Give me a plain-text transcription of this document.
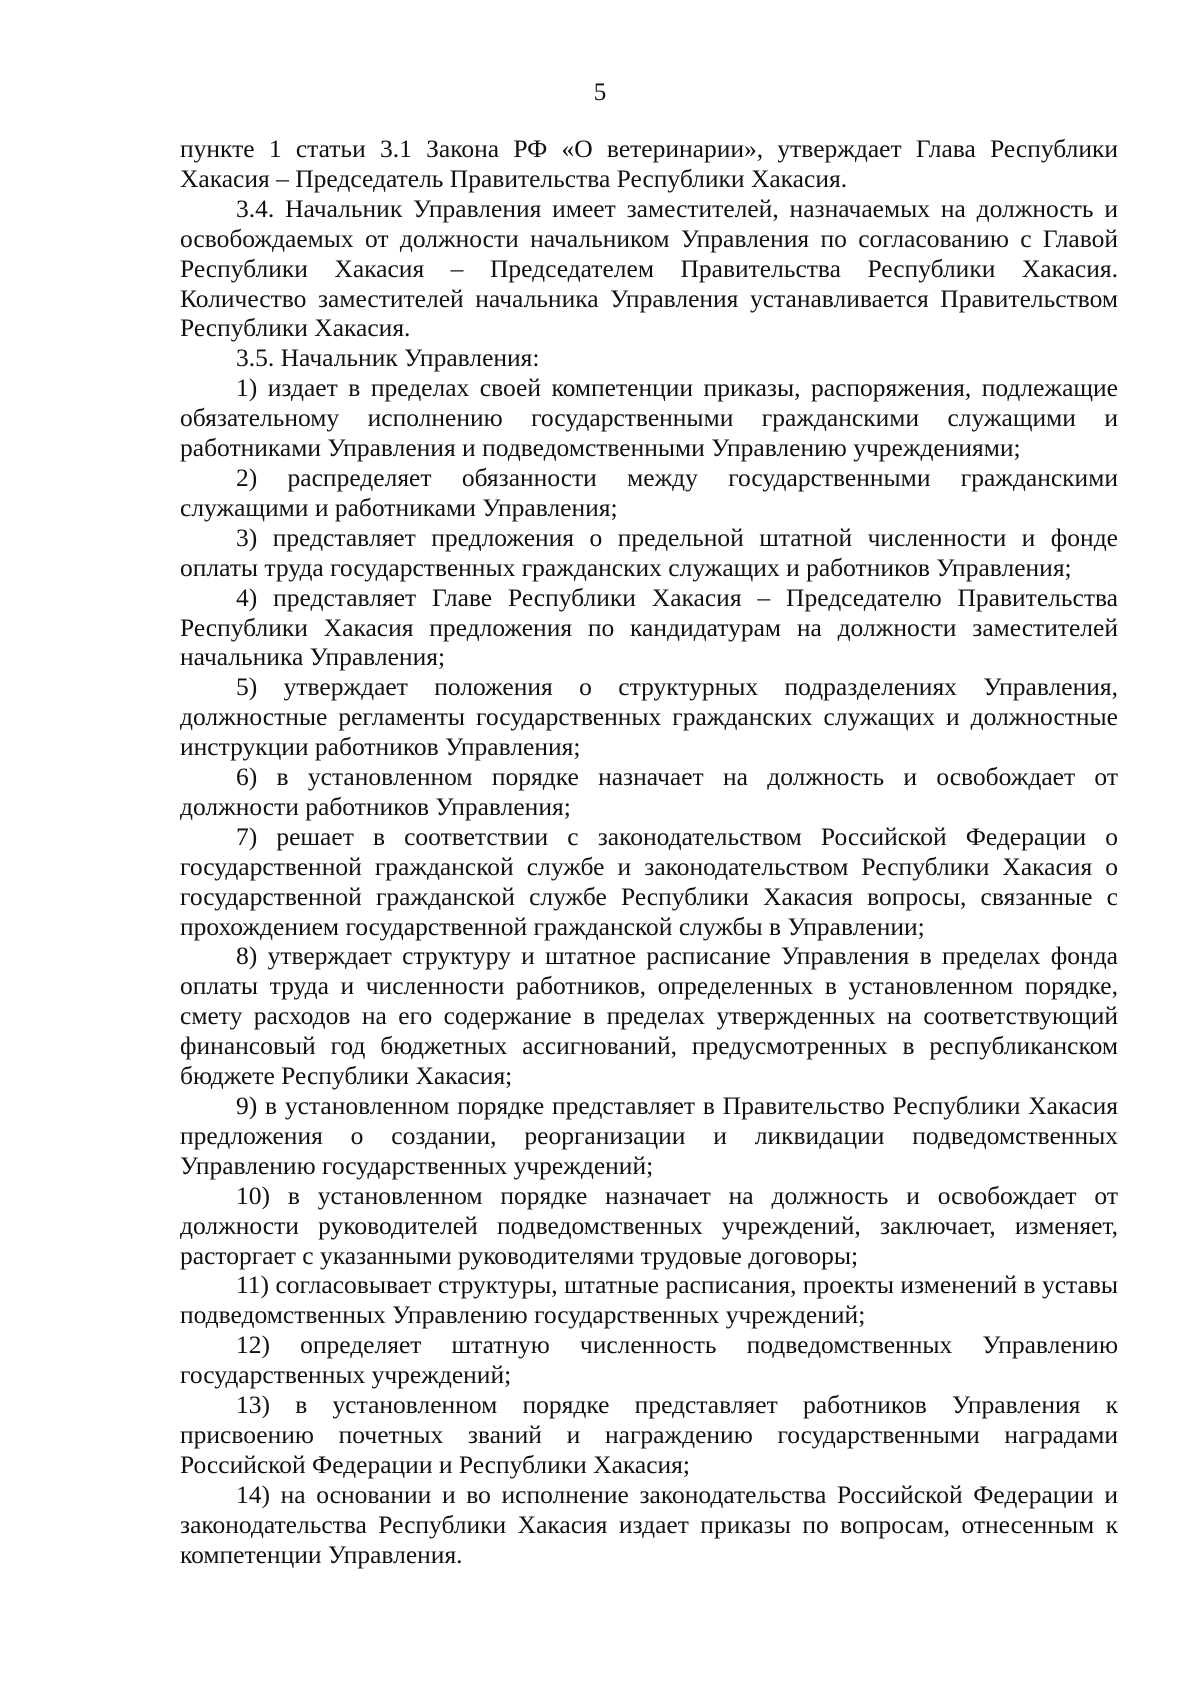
5

пункте 1 статьи 3.1 Закона РФ «О ветеринарии», утверждает Глава Республики Хакасия – Председатель Правительства Республики Хакасия.

3.4. Начальник Управления имеет заместителей, назначаемых на должность и освобождаемых от должности начальником Управления по согласованию с Главой Республики Хакасия – Председателем Правительства Республики Хакасия. Количество заместителей начальника Управления устанавливается Правительством Республики Хакасия.

3.5. Начальник Управления:

1) издает в пределах своей компетенции приказы, распоряжения, подлежащие обязательному исполнению государственными гражданскими служащими и работниками Управления и подведомственными Управлению учреждениями;

2) распределяет обязанности между государственными гражданскими служащими и работниками Управления;

3) представляет предложения о предельной штатной численности и фонде оплаты труда государственных гражданских служащих и работников Управления;

4) представляет Главе Республики Хакасия – Председателю Правительства Республики Хакасия предложения по кандидатурам на должности заместителей начальника Управления;

5) утверждает положения о структурных подразделениях Управления, должностные регламенты государственных гражданских служащих и должностные инструкции работников Управления;

6) в установленном порядке назначает на должность и освобождает от должности работников Управления;

7) решает в соответствии с законодательством Российской Федерации о государственной гражданской службе и законодательством Республики Хакасия о государственной гражданской службе Республики Хакасия вопросы, связанные с прохождением государственной гражданской службы в Управлении;

8) утверждает структуру и штатное расписание Управления в пределах фонда оплаты труда и численности работников, определенных в установленном порядке, смету расходов на его содержание в пределах утвержденных на соответствующий финансовый год бюджетных ассигнований, предусмотренных в республиканском бюджете Республики Хакасия;

9) в установленном порядке представляет в Правительство Республики Хакасия предложения о создании, реорганизации и ликвидации подведомственных Управлению государственных учреждений;

10) в установленном порядке назначает на должность и освобождает от должности руководителей подведомственных учреждений, заключает, изменяет, расторгает с указанными руководителями трудовые договоры;

11) согласовывает структуры, штатные расписания, проекты изменений в уставы подведомственных Управлению государственных учреждений;

12) определяет штатную численность подведомственных Управлению государственных учреждений;

13) в установленном порядке представляет работников Управления к присвоению почетных званий и награждению государственными наградами Российской Федерации и Республики Хакасия;

14) на основании и во исполнение законодательства Российской Федерации и законодательства Республики Хакасия издает приказы по вопросам, отнесенным к компетенции Управления.
